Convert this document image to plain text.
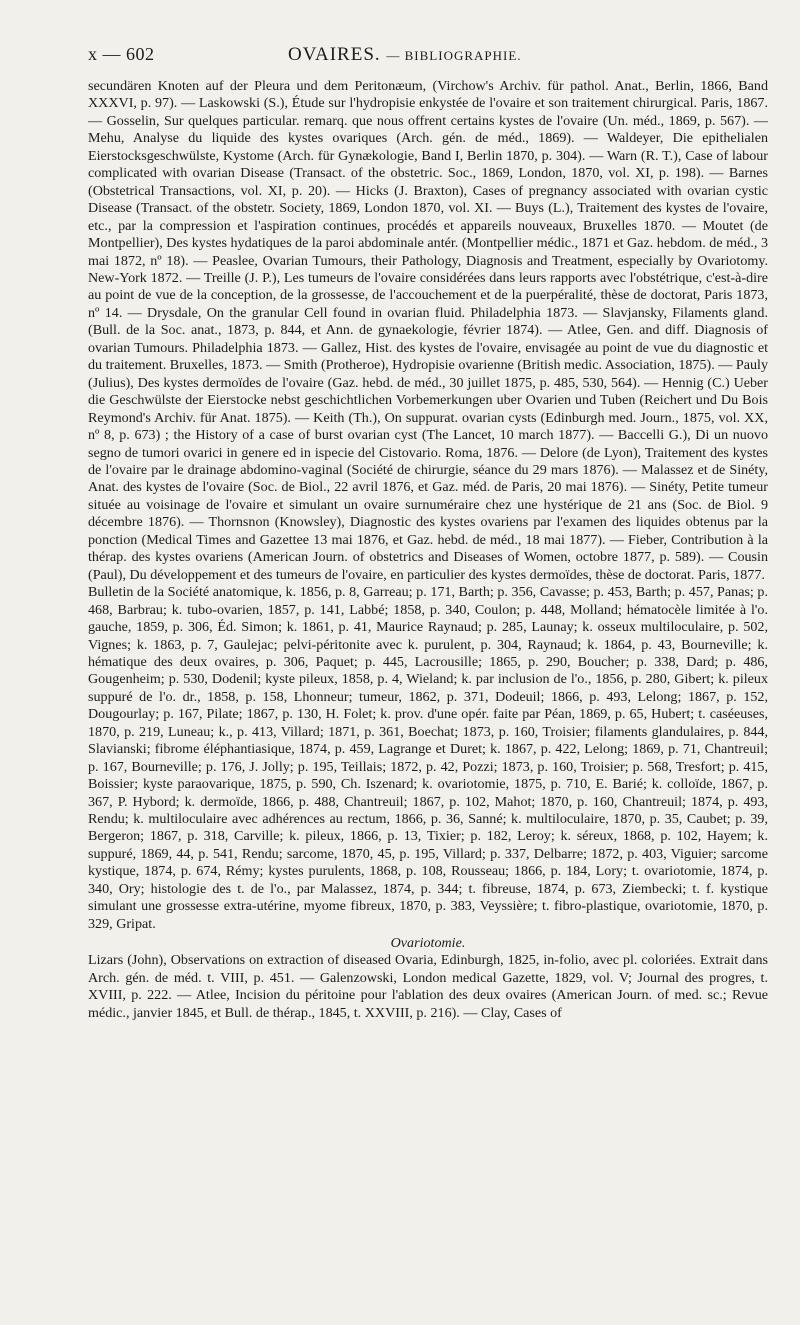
x — 602	OVAIRES. — BIBLIOGRAPHIE.

secundären Knoten auf der Pleura und dem Peritonæum, (Virchow's Archiv. für pathol. Anat., Berlin, 1866, Band XXXVI, p. 97). — Laskowski (S.), Étude sur l'hydropisie enkystée de l'ovaire et son traitement chirurgical. Paris, 1867. — Gosselin, Sur quelques particular. remarq. que nous offrent certains kystes de l'ovaire (Un. méd., 1869, p. 567). — Mehu, Analyse du liquide des kystes ovariques (Arch. gén. de méd., 1869). — Waldeyer, Die epithelialen Eierstocksgeschwülste, Kystome (Arch. für Gynækologie, Band I, Berlin 1870, p. 304). — Warn (R. T.), Case of labour complicated with ovarian Disease (Transact. of the obstetric. Soc., 1869, London, 1870, vol. XI, p. 198). — Barnes (Obstetrical Transactions, vol. XI, p. 20). — Hicks (J. Braxton), Cases of pregnancy associated with ovarian cystic Disease (Transact. of the obstetr. Society, 1869, London 1870, vol. XI. — Buys (L.), Traitement des kystes de l'ovaire, etc., par la compression et l'aspiration continues, procédés et appareils nouveaux, Bruxelles 1870. — Moutet (de Montpellier), Des kystes hydatiques de la paroi abdominale antér. (Montpellier médic., 1871 et Gaz. hebdom. de méd., 3 mai 1872, nº 18). — Peaslee, Ovarian Tumours, their Pathology, Diagnosis and Treatment, especially by Ovariotomy. New-York 1872. — Treille (J. P.), Les tumeurs de l'ovaire considérées dans leurs rapports avec l'obstétrique, c'est-à-dire au point de vue de la conception, de la grossesse, de l'accouchement et de la puerpéralité, thèse de doctorat, Paris 1873, nº 14. — Drysdale, On the granular Cell found in ovarian fluid. Philadelphia 1873. — Slavjansky, Filaments gland. (Bull. de la Soc. anat., 1873, p. 844, et Ann. de gynaekologie, février 1874). — Atlee, Gen. and diff. Diagnosis of ovarian Tumours. Philadelphia 1873. — Gallez, Hist. des kystes de l'ovaire, envisagée au point de vue du diagnostic et du traitement. Bruxelles, 1873. — Smith (Protheroe), Hydropisie ovarienne (British medic. Association, 1875). — Pauly (Julius), Des kystes dermoïdes de l'ovaire (Gaz. hebd. de méd., 30 juillet 1875, p. 485, 530, 564). — Hennig (C.) Ueber die Geschwülste der Eierstocke nebst geschichtlichen Vorbemerkungen uber Ovarien und Tuben (Reichert und Du Bois Reymond's Archiv. für Anat. 1875). — Keith (Th.), On suppurat. ovarian cysts (Edinburgh med. Journ., 1875, vol. XX, nº 8, p. 673) ; the History of a case of burst ovarian cyst (The Lancet, 10 march 1877). — Baccelli G.), Di un nuovo segno de tumori ovarici in genere ed in ispecie del Cistovario. Roma, 1876. — Delore (de Lyon), Traitement des kystes de l'ovaire par le drainage abdomino-vaginal (Société de chirurgie, séance du 29 mars 1876). — Malassez et de Sinéty, Anat. des kystes de l'ovaire (Soc. de Biol., 22 avril 1876, et Gaz. méd. de Paris, 20 mai 1876). — Sinéty, Petite tumeur située au voisinage de l'ovaire et simulant un ovaire surnuméraire chez une hystérique de 21 ans (Soc. de Biol. 9 décembre 1876). — Thornsnon (Knowsley), Diagnostic des kystes ovariens par l'examen des liquides obtenus par la ponction (Medical Times and Gazettee 13 mai 1876, et Gaz. hebd. de méd., 18 mai 1877). — Fieber, Contribution à la thérap. des kystes ovariens (American Journ. of obstetrics and Diseases of Women, octobre 1877, p. 589). — Cousin (Paul), Du développement et des tumeurs de l'ovaire, en particulier des kystes dermoïdes, thèse de doctorat. Paris, 1877.

Bulletin de la Société anatomique, k. 1856, p. 8, Garreau; p. 171, Barth; p. 356, Cavasse; p. 453, Barth; p. 457, Panas; p. 468, Barbrau; k. tubo-ovarien, 1857, p. 141, Labbé; 1858, p. 340, Coulon; p. 448, Molland; hématocèle limitée à l'o. gauche, 1859, p. 306, Éd. Simon; k. 1861, p. 41, Maurice Raynaud; p. 285, Launay; k. osseux multiloculaire, p. 502, Vignes; k. 1863, p. 7, Gaulejac; pelvi-péritonite avec k. purulent, p. 304, Raynaud; k. 1864, p. 43, Bourneville; k. hématique des deux ovaires, p. 306, Paquet; p. 445, Lacrousille; 1865, p. 290, Boucher; p. 338, Dard; p. 486, Gougenheim; p. 530, Dodenil; kyste pileux, 1858, p. 4, Wieland; k. par inclusion de l'o., 1856, p. 280, Gibert; k. pileux suppuré de l'o. dr., 1858, p. 158, Lhonneur; tumeur, 1862, p. 371, Dodeuil; 1866, p. 493, Lelong; 1867, p. 152, Dougourlay; p. 167, Pilate; 1867, p. 130, H. Folet; k. prov. d'une opér. faite par Péan, 1869, p. 65, Hubert; t. caséeuses, 1870, p. 219, Luneau; k., p. 413, Villard; 1871, p. 361, Boechat; 1873, p. 160, Troisier; filaments glandulaires, p. 844, Slavianski; fibrome éléphantiasique, 1874, p. 459, Lagrange et Duret; k. 1867, p. 422, Lelong; 1869, p. 71, Chantreuil; p. 167, Bourneville; p. 176, J. Jolly; p. 195, Teillais; 1872, p. 42, Pozzi; 1873, p. 160, Troisier; p. 568, Tresfort; p. 415, Boissier; kyste paraovarique, 1875, p. 590, Ch. Iszenard; k. ovariotomie, 1875, p. 710, E. Barié; k. colloïde, 1867, p. 367, P. Hybord; k. dermoïde, 1866, p. 488, Chantreuil; 1867, p. 102, Mahot; 1870, p. 160, Chantreuil; 1874, p. 493, Rendu; k. multiloculaire avec adhérences au rectum, 1866, p. 36, Sanné; k. multiloculaire, 1870, p. 35, Caubet; p. 39, Bergeron; 1867, p. 318, Carville; k. pileux, 1866, p. 13, Tixier; p. 182, Leroy; k. séreux, 1868, p. 102, Hayem; k. suppuré, 1869, 44, p. 541, Rendu; sarcome, 1870, 45, p. 195, Villard; p. 337, Delbarre; 1872, p. 403, Viguier; sarcome kystique, 1874, p. 674, Rémy; kystes purulents, 1868, p. 108, Rousseau; 1866, p. 184, Lory; t. ovariotomie, 1874, p. 340, Ory; histologie des t. de l'o., par Malassez, 1874, p. 344; t. fibreuse, 1874, p. 673, Ziembecki; t. f. kystique simulant une grossesse extra-utérine, myome fibreux, 1870, p. 383, Veyssière; t. fibro-plastique, ovariotomie, 1870, p. 329, Gripat.

Ovariotomie.

Lizars (John), Observations on extraction of diseased Ovaria, Edinburgh, 1825, in-folio, avec pl. coloriées. Extrait dans Arch. gén. de méd. t. VIII, p. 451. — Galenzowski, London medical Gazette, 1829, vol. V; Journal des progres, t. XVIII, p. 222. — Atlee, Incision du péritoine pour l'ablation des deux ovaires (American Journ. of med. sc.; Revue médic., janvier 1845, et Bull. de thérap., 1845, t. XXVIII, p. 216). — Clay, Cases of
